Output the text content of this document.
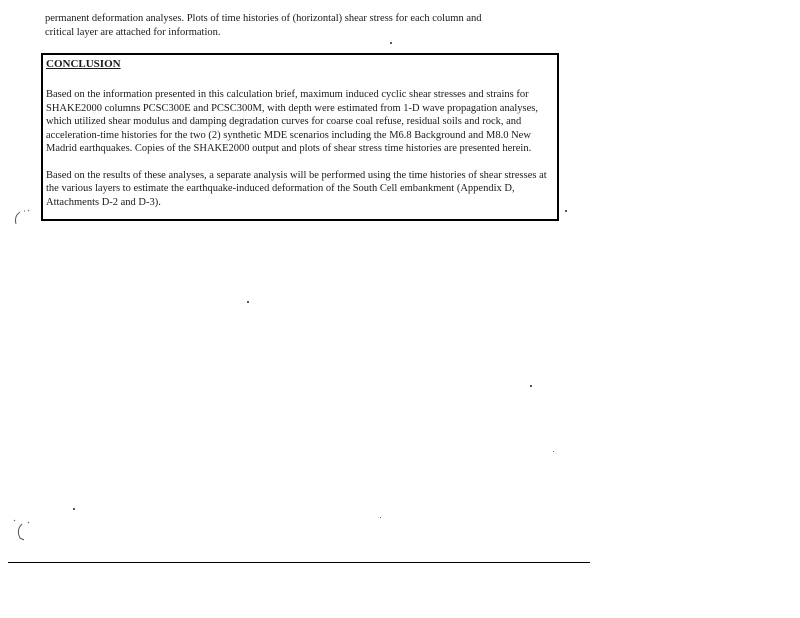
permanent deformation analyses. Plots of time histories of (horizontal) shear stress for each column and

critical layer are attached for information.

CONCLUSION

Based on the information presented in this calculation brief, maximum induced cyclic shear stresses and strains for SHAKE2000 columns PCSC300E and PCSC300M, with depth were estimated from 1-D wave propagation analyses, which utilized shear modulus and damping degradation curves for coarse coal refuse, residual soils and rock, and acceleration-time histories for the two (2) synthetic MDE scenarios including the M6.8 Background and M8.0 New Madrid earthquakes. Copies of the SHAKE2000 output and plots of shear stress time histories are presented herein.

Based on the results of these analyses, a separate analysis will be performed using the time histories of shear stresses at the various layers to estimate the earthquake-induced deformation of the South Cell embankment (Appendix D, Attachments D-2 and D-3).
